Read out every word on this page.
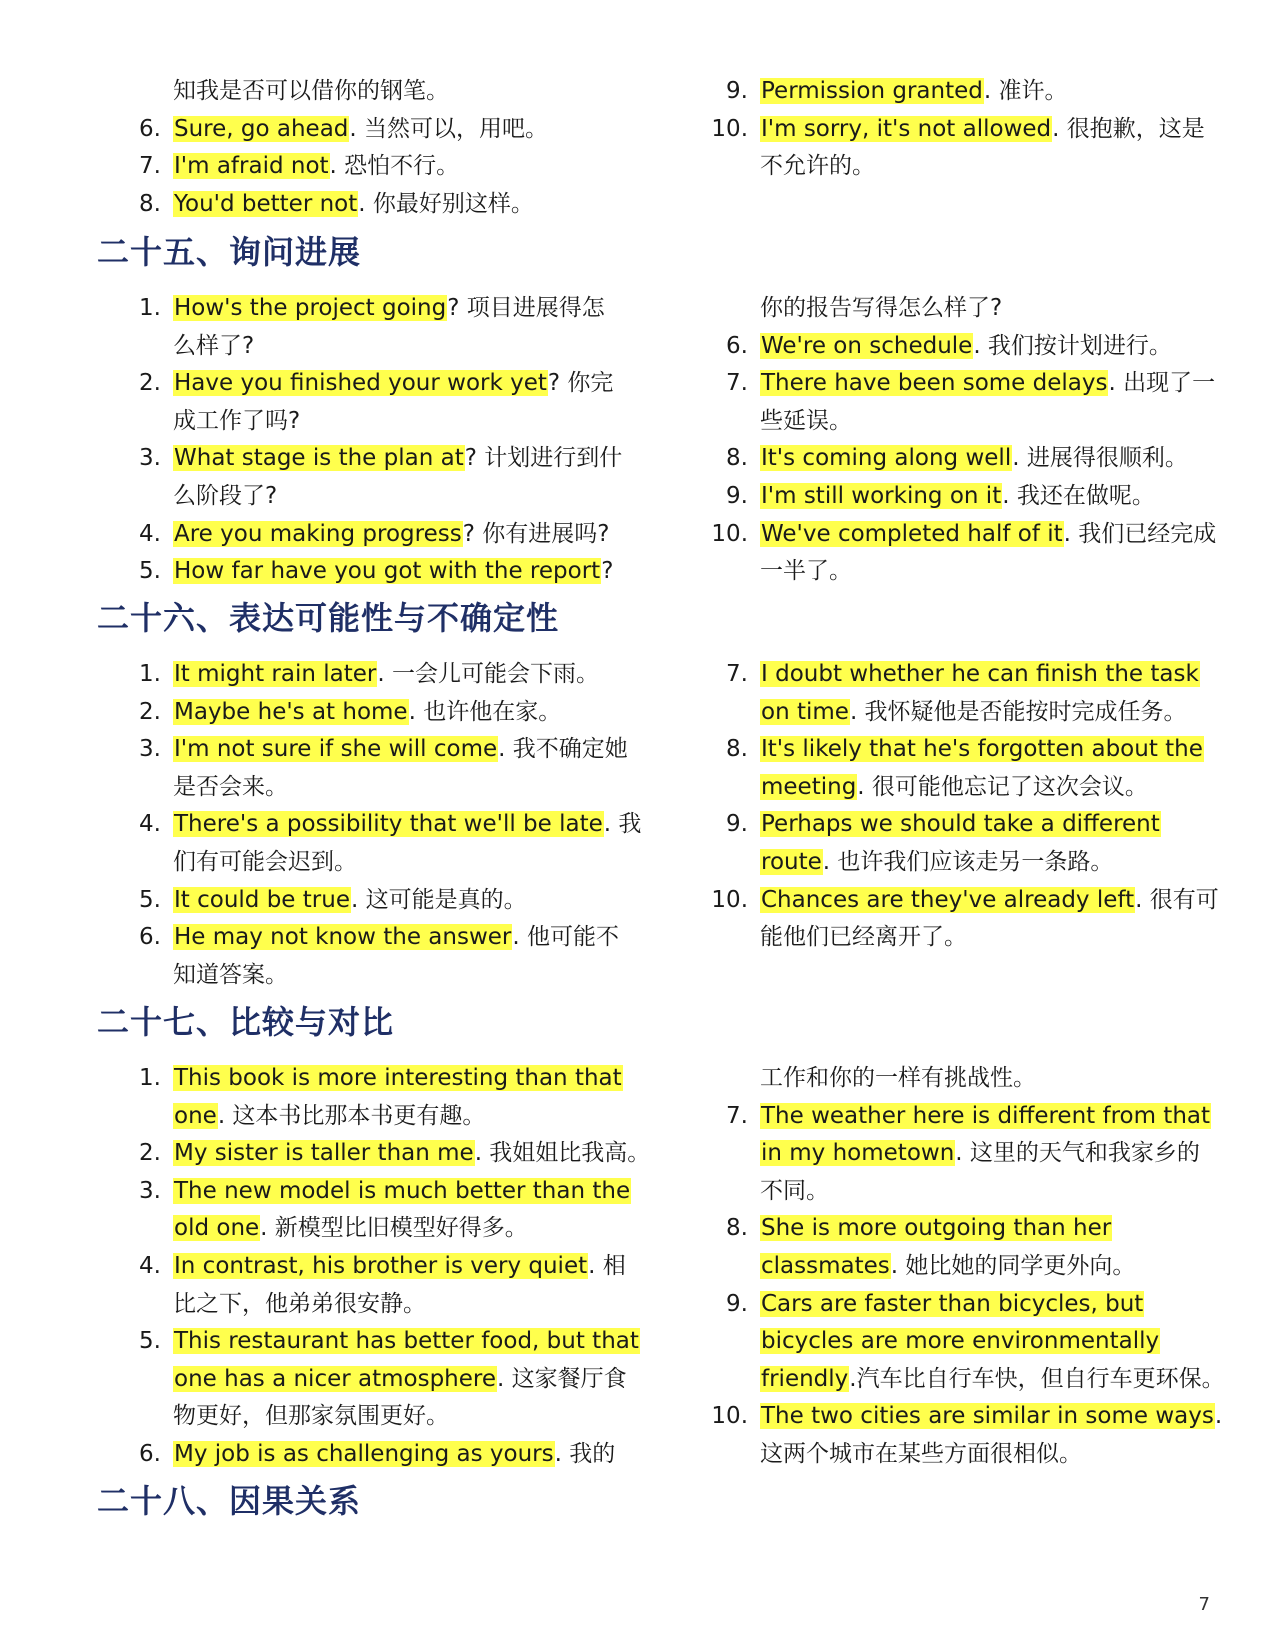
知我是否可以借你的钢笔。
6. Sure, go ahead. 当然可以，用吧。
7. I'm afraid not. 恐怕不行。
8. You'd better not. 你最好别这样。
9. Permission granted. 准许。
10. I'm sorry, it's not allowed. 很抱歉，这是
不允许的。
二十五、询问进展
1. How's the project going? 项目进展得怎
么样了?
2. Have you finished your work yet? 你完
成工作了吗?
3. What stage is the plan at? 计划进行到什
么阶段了?
4. Are you making progress? 你有进展吗?
5. How far have you got with the report?
你的报告写得怎么样了?
6. We're on schedule. 我们按计划进行。
7. There have been some delays. 出现了一
些延误。
8. It's coming along well. 进展得很顺利。
9. I'm still working on it. 我还在做呢。
10. We've completed half of it. 我们已经完成
一半了。
二十六、表达可能性与不确定性
1. It might rain later. 一会儿可能会下雨。
2. Maybe he's at home. 也许他在家。
3. I'm not sure if she will come. 我不确定她
是否会来。
4. There's a possibility that we'll be late. 我
们有可能会迟到。
5. It could be true. 这可能是真的。
6. He may not know the answer. 他可能不
知道答案。
7. I doubt whether he can finish the task
on time. 我怀疑他是否能按时完成任务。
8. It's likely that he's forgotten about the
meeting. 很可能他忘记了这次会议。
9. Perhaps we should take a different
route. 也许我们应该走另一条路。
10. Chances are they've already left. 很有可
能他们已经离开了。
二十七、比较与对比
1. This book is more interesting than that
one. 这本书比那本书更有趣。
2. My sister is taller than me. 我姐姐比我高。
3. The new model is much better than the
old one. 新模型比旧模型好得多。
4. In contrast, his brother is very quiet. 相
比之下，他弟弟很安静。
5. This restaurant has better food, but that
one has a nicer atmosphere. 这家餐厅食
物更好，但那家氛围更好。
6. My job is as challenging as yours. 我的
工作和你的一样有挑战性。
7. The weather here is different from that
in my hometown. 这里的天气和我家乡的
不同。
8. She is more outgoing than her
classmates. 她比她的同学更外向。
9. Cars are faster than bicycles, but
bicycles are more environmentally
friendly.汽车比自行车快，但自行车更环保。
10. The two cities are similar in some ways.
这两个城市在某些方面很相似。
二十八、因果关系
7
